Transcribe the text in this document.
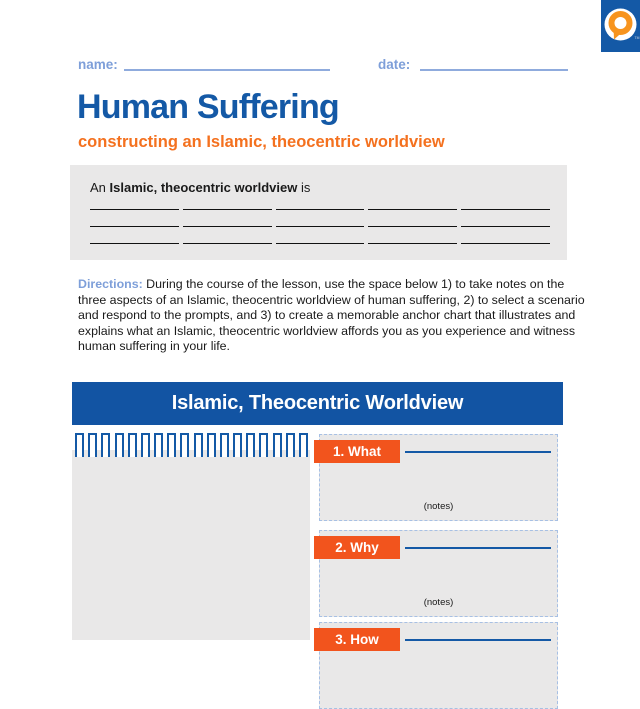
TM
name:	date:
Human Suffering
constructing an Islamic, theocentric worldview

An Islamic, theocentric worldview is

Directions: During the course of the lesson, use the space below 1) to take notes on the three aspects of an Islamic, theocentric worldview of human suffering, 2) to select a scenario and respond to the prompts, and 3) to create a memorable anchor chart that illustrates and explains what an Islamic, theocentric worldview affords you as you experience and witness human suffering in your life.

Islamic, Theocentric Worldview
1. What
(notes)
2. Why
(notes)
3. How
